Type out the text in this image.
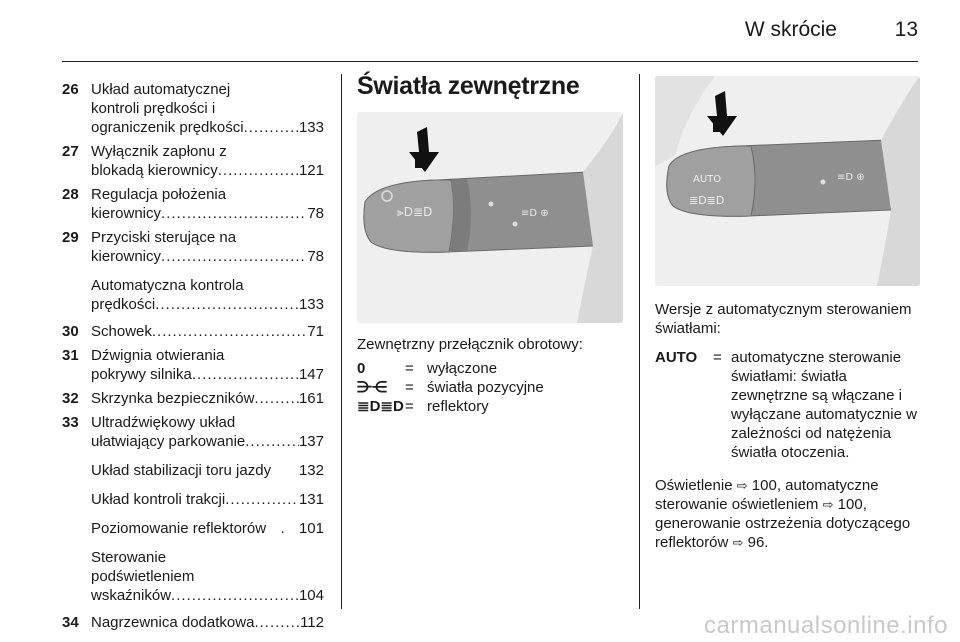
W skrócie	13
26 Układ automatycznej
kontroli prędkości i
ograniczenik prędkości .....	133
27 Wyłącznik zapłonu z
blokadą kierownicy .....	121
28 Regulacja położenia
kierownicy .....	78
29 Przyciski sterujące na
kierownicy .....	78
Automatyczna kontrola
prędkości .....	133
30 Schowek .....	71
31 Dźwignia otwierania
pokrywy silnika .....	147
32 Skrzynka bezpieczników .....	161
33 Ultradźwiękowy układ
ułatwiający parkowanie .....	137
Układ stabilizacji toru jazdy 132
Układ kontroli trakcji .....	131
Poziomowanie reflektorów . 101
Sterowanie
podświetleniem
wskaźników .....	104
34 Nagrzewnica dodatkowa .....	112
Światła zewnętrzne
⫸D≣D	≡D ⊕
Zewnętrzny przełącznik obrotowy:
0	= wyłączone
⋺⋲	= światła pozycyjne
≣D≣D = reflektory
AUTO
≣D≣D
≡D ⊕

Wersje z automatycznym sterowaniem światłami:

AUTO	= automatyczne sterowanie światłami: światła zewnętrzne są włączane i wyłączane automatycznie w zależności od natężenia światła otoczenia.

Oświetlenie ⇨ 100, automatyczne sterowanie oświetleniem ⇨ 100, generowanie ostrzeżenia dotyczącego reflektorów ⇨ 96.

carmanualsonline.info
